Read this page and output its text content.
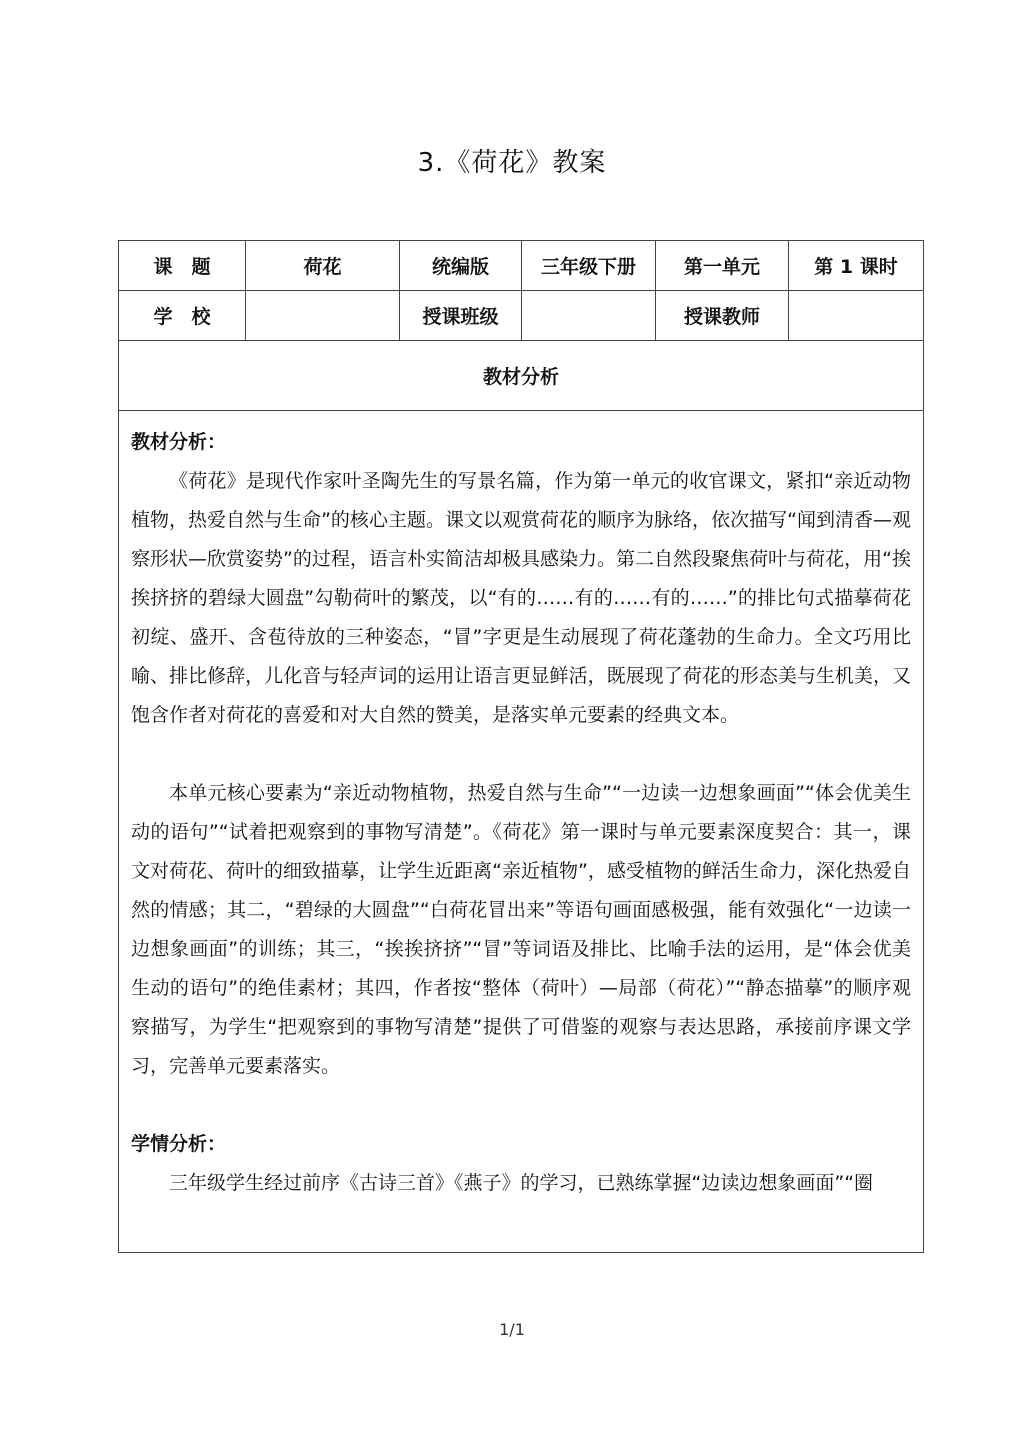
3.《荷花》教案
课　题	荷花	统编版	三年级下册	第一单元	第 1 课时
学　校		授课班级		授课教师	
教材分析					

教材分析：
《荷花》是现代作家叶圣陶先生的写景名篇，作为第一单元的收官课文，紧扣“亲近动物植物，热爱自然与生命”的核心主题。课文以观赏荷花的顺序为脉络，依次描写“闻到清香—观察形状—欣赏姿势”的过程，语言朴实简洁却极具感染力。第二自然段聚焦荷叶与荷花，用“挨挨挤挤的碧绿大圆盘”勾勒荷叶的繁茂，以“有的……有的……有的……”的排比句式描摹荷花初绽、盛开、含苞待放的三种姿态，“冒”字更是生动展现了荷花蓬勃的生命力。全文巧用比喻、排比修辞，儿化音与轻声词的运用让语言更显鲜活，既展现了荷花的形态美与生机美，又饱含作者对荷花的喜爱和对大自然的赞美，是落实单元要素的经典文本。
本单元核心要素为“亲近动物植物，热爱自然与生命”“一边读一边想象画面”“体会优美生动的语句”“试着把观察到的事物写清楚”。《荷花》第一课时与单元要素深度契合：其一，课文对荷花、荷叶的细致描摹，让学生近距离“亲近植物”，感受植物的鲜活生命力，深化热爱自然的情感；其二，“碧绿的大圆盘”“白荷花冒出来”等语句画面感极强，能有效强化“一边读一边想象画面”的训练；其三，“挨挨挤挤”“冒”等词语及排比、比喻手法的运用，是“体会优美生动的语句”的绝佳素材；其四，作者按“整体（荷叶）—局部（荷花）”“静态描摹”的顺序观察描写，为学生“把观察到的事物写清楚”提供了可借鉴的观察与表达思路，承接前序课文学习，完善单元要素落实。
学情分析：
三年级学生经过前序《古诗三首》《燕子》的学习，已熟练掌握“边读边想象画面”“圈					
1/1
